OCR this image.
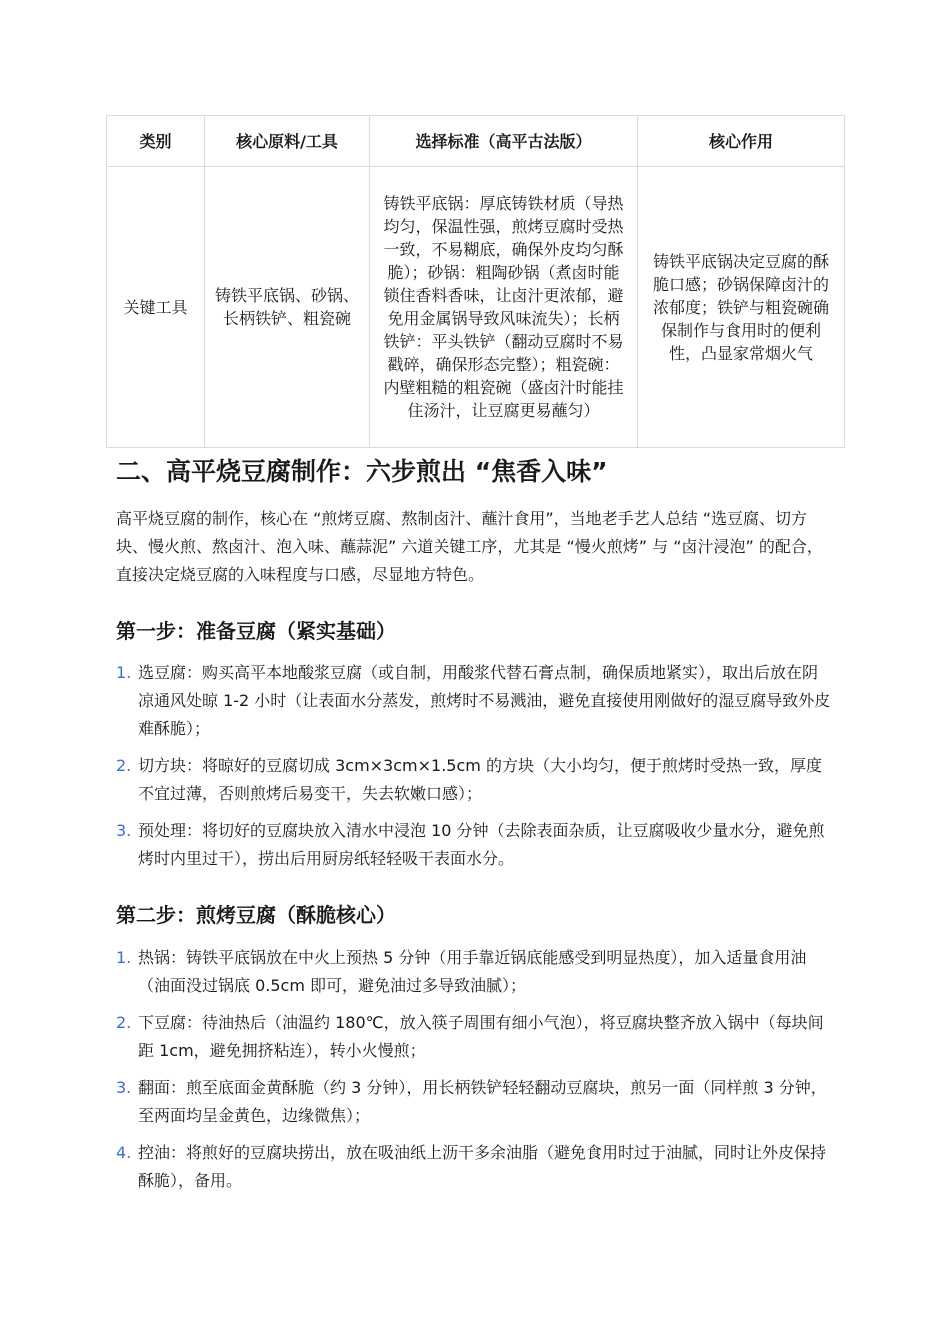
类别	核心原料/工具	选择标准（高平古法版）	核心作用
关键工具	铸铁平底锅、砂锅、长柄铁铲、粗瓷碗	铸铁平底锅：厚底铸铁材质（导热均匀，保温性强，煎烤豆腐时受热一致，不易糊底，确保外皮均匀酥脆）；砂锅：粗陶砂锅（煮卤时能锁住香料香味，让卤汁更浓郁，避免用金属锅导致风味流失）；长柄铁铲：平头铁铲（翻动豆腐时不易戳碎，确保形态完整）；粗瓷碗：内壁粗糙的粗瓷碗（盛卤汁时能挂住汤汁，让豆腐更易蘸匀）	铸铁平底锅决定豆腐的酥脆口感；砂锅保障卤汁的浓郁度；铁铲与粗瓷碗确保制作与食用时的便利性，凸显家常烟火气
二、高平烧豆腐制作：六步煎出 “焦香入味”

高平烧豆腐的制作，核心在 “煎烤豆腐、熬制卤汁、蘸汁食用”，当地老手艺人总结 “选豆腐、切方块、慢火煎、熬卤汁、泡入味、蘸蒜泥” 六道关键工序，尤其是 “慢火煎烤” 与 “卤汁浸泡” 的配合，直接决定烧豆腐的入味程度与口感，尽显地方特色。

第一步：准备豆腐（紧实基础）
1. 选豆腐：购买高平本地酸浆豆腐（或自制，用酸浆代替石膏点制，确保质地紧实），取出后放在阴凉通风处晾 1-2 小时（让表面水分蒸发，煎烤时不易溅油，避免直接使用刚做好的湿豆腐导致外皮难酥脆）；
2. 切方块：将晾好的豆腐切成 3cm×3cm×1.5cm 的方块（大小均匀，便于煎烤时受热一致，厚度不宜过薄，否则煎烤后易变干，失去软嫩口感）；
3. 预处理：将切好的豆腐块放入清水中浸泡 10 分钟（去除表面杂质，让豆腐吸收少量水分，避免煎烤时内里过干），捞出后用厨房纸轻轻吸干表面水分。
第二步：煎烤豆腐（酥脆核心）
1. 热锅：铸铁平底锅放在中火上预热 5 分钟（用手靠近锅底能感受到明显热度），加入适量食用油（油面没过锅底 0.5cm 即可，避免油过多导致油腻）；
2. 下豆腐：待油热后（油温约 180℃，放入筷子周围有细小气泡），将豆腐块整齐放入锅中（每块间距 1cm，避免拥挤粘连），转小火慢煎；
3. 翻面：煎至底面金黄酥脆（约 3 分钟），用长柄铁铲轻轻翻动豆腐块，煎另一面（同样煎 3 分钟，至两面均呈金黄色，边缘微焦）；
4. 控油：将煎好的豆腐块捞出，放在吸油纸上沥干多余油脂（避免食用时过于油腻，同时让外皮保持酥脆），备用。
